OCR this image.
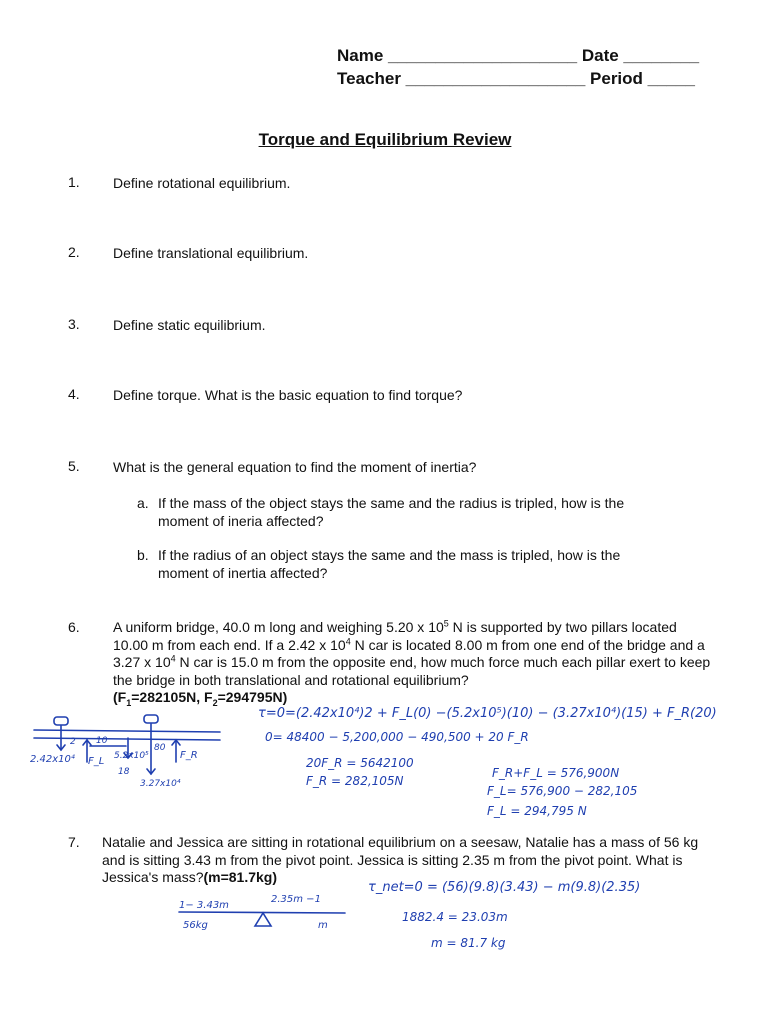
Name ____________________ Date ________
Teacher ___________________ Period _____
Torque and Equilibrium Review
1. Define rotational equilibrium.
2. Define translational equilibrium.
3. Define static equilibrium.
4. Define torque. What is the basic equation to find torque?
5. What is the general equation to find the moment of inertia?
a. If the mass of the object stays the same and the radius is tripled, how is the
moment of ineria affected?
b. If the radius of an object stays the same and the mass is tripled, how is the
moment of inertia affected?
6. A uniform bridge, 40.0 m long and weighing 5.20 x $10^5$ N is supported by two pillars located 10.00 m from each end. If a 2.42 x $10^4$ N car is located 8.00 m from one end of the bridge and a 3.27 x $10^4$ N car is 15.0 m from the opposite end, how much force much each pillar exert to keep the bridge in both translational and rotational equilibrium?
($F_1=282105N$, $F_2=294795N$)
2.42x10⁴
2 10
5.2x10⁵
80
F_L
F_R
18
3.27x10⁴
τ=0=(2.42x10⁴)2 + F_L(0) −(5.2x10⁵)(10) − (3.27x10⁴)(15) + F_R(20)
0= 48400 − 5,200,000 − 490,500 + 20 F_R
20F_R = 5642100
F_R = 282,105N
F_R+F_L = 576,900N
F_L= 576,900 − 282,105
F_L = 294,795 N
7. Natalie and Jessica are sitting in rotational equilibrium on a seesaw, Natalie has a mass of 56 kg and is sitting 3.43 m from the pivot point. Jessica is sitting 2.35 m from the pivot point. What is Jessica's mass?(m=81.7kg)
1− 3.43m
2.35m −1
56kg	m
τ_net=0 = (56)(9.8)(3.43) − m(9.8)(2.35)
1882.4 = 23.03m
m = 81.7 kg
